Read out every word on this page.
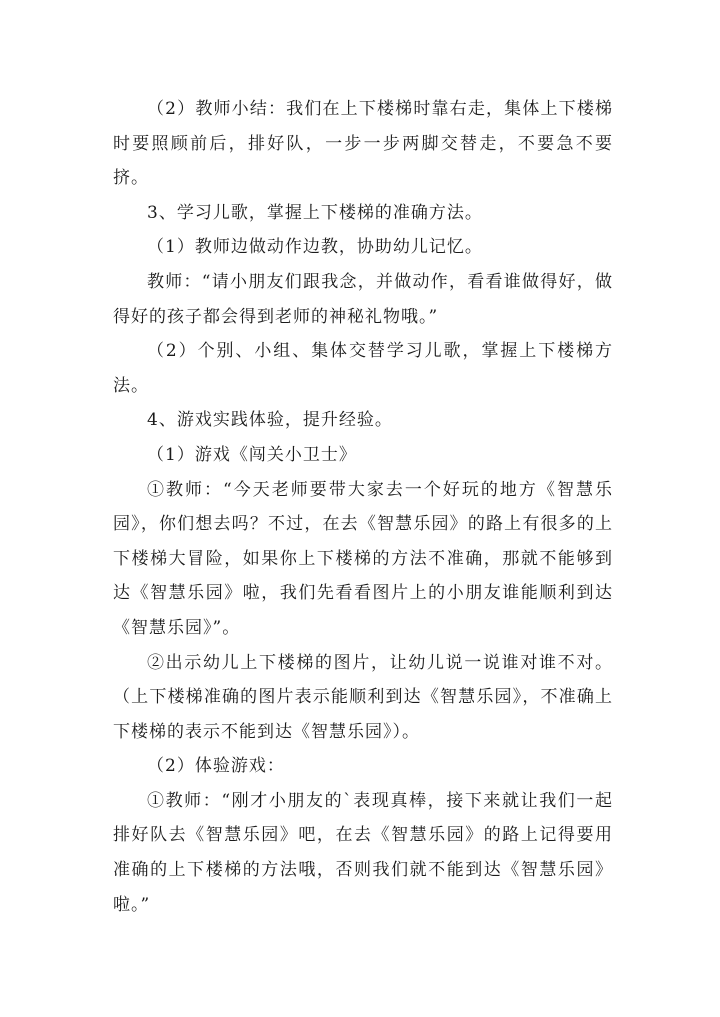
（2）教师小结：我们在上下楼梯时靠右走，集体上下楼梯时要照顾前后，排好队，一步一步两脚交替走，不要急不要挤。

3、学习儿歌，掌握上下楼梯的准确方法。

（1）教师边做动作边教，协助幼儿记忆。

教师：“请小朋友们跟我念，并做动作，看看谁做得好，做得好的孩子都会得到老师的神秘礼物哦。”

（2）个别、小组、集体交替学习儿歌，掌握上下楼梯方法。

4、游戏实践体验，提升经验。

（1）游戏《闯关小卫士》

①教师：“今天老师要带大家去一个好玩的地方《智慧乐园》，你们想去吗？不过，在去《智慧乐园》的路上有很多的上下楼梯大冒险，如果你上下楼梯的方法不准确，那就不能够到达《智慧乐园》啦，我们先看看图片上的小朋友谁能顺利到达《智慧乐园》”。

②出示幼儿上下楼梯的图片，让幼儿说一说谁对谁不对。（上下楼梯准确的图片表示能顺利到达《智慧乐园》，不准确上下楼梯的表示不能到达《智慧乐园》）。

（2）体验游戏：

①教师：“刚才小朋友的`表现真棒，接下来就让我们一起排好队去《智慧乐园》吧，在去《智慧乐园》的路上记得要用准确的上下楼梯的方法哦，否则我们就不能到达《智慧乐园》啦。”
